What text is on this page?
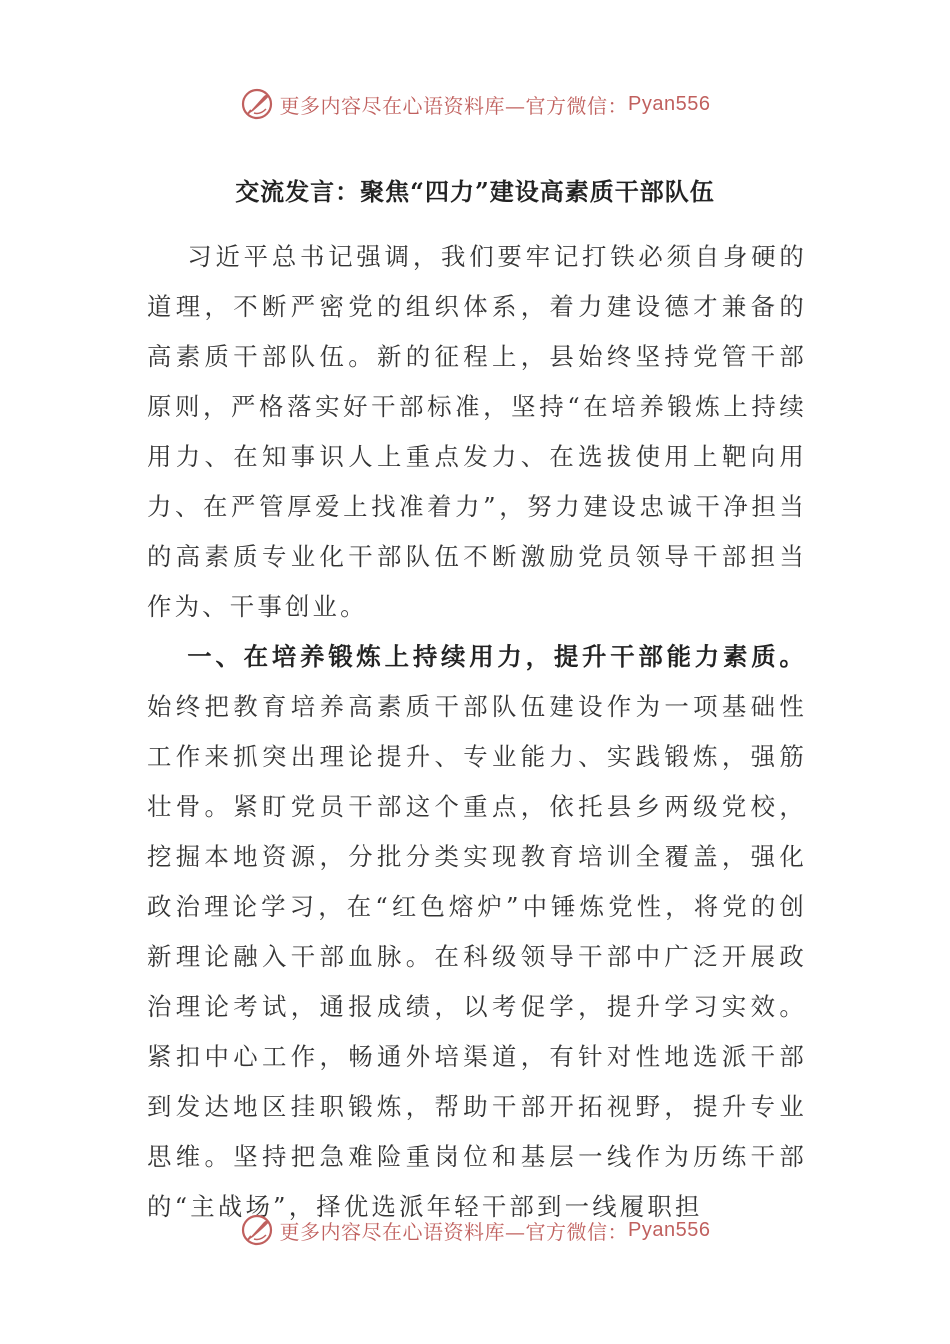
更多内容尽在心语资料库—官方微信： Pyan556
交流发言：聚焦“四力”建设高素质干部队伍

习近平总书记强调，我们要牢记打铁必须自身硬的道理，不断严密党的组织体系，着力建设德才兼备的高素质干部队伍。新的征程上，县始终坚持党管干部原则，严格落实好干部标准，坚持“在培养锻炼上持续用力、在知事识人上重点发力、在选拔使用上靶向用力、在严管厚爱上找准着力”，努力建设忠诚干净担当的高素质专业化干部队伍不断激励党员领导干部担当作为、干事创业。

一、在培养锻炼上持续用力，提升干部能力素质。始终把教育培养高素质干部队伍建设作为一项基础性工作来抓突出理论提升、专业能力、实践锻炼，强筋壮骨。紧盯党员干部这个重点，依托县乡两级党校，挖掘本地资源，分批分类实现教育培训全覆盖，强化政治理论学习，在“红色熔炉”中锤炼党性，将党的创新理论融入干部血脉。在科级领导干部中广泛开展政治理论考试，通报成绩，以考促学，提升学习实效。紧扣中心工作，畅通外培渠道，有针对性地选派干部到发达地区挂职锻炼，帮助干部开拓视野，提升专业思维。坚持把急难险重岗位和基层一线作为历练干部的“主战场”，择优选派年轻干部到一线履职担

更多内容尽在心语资料库—官方微信： Pyan556
